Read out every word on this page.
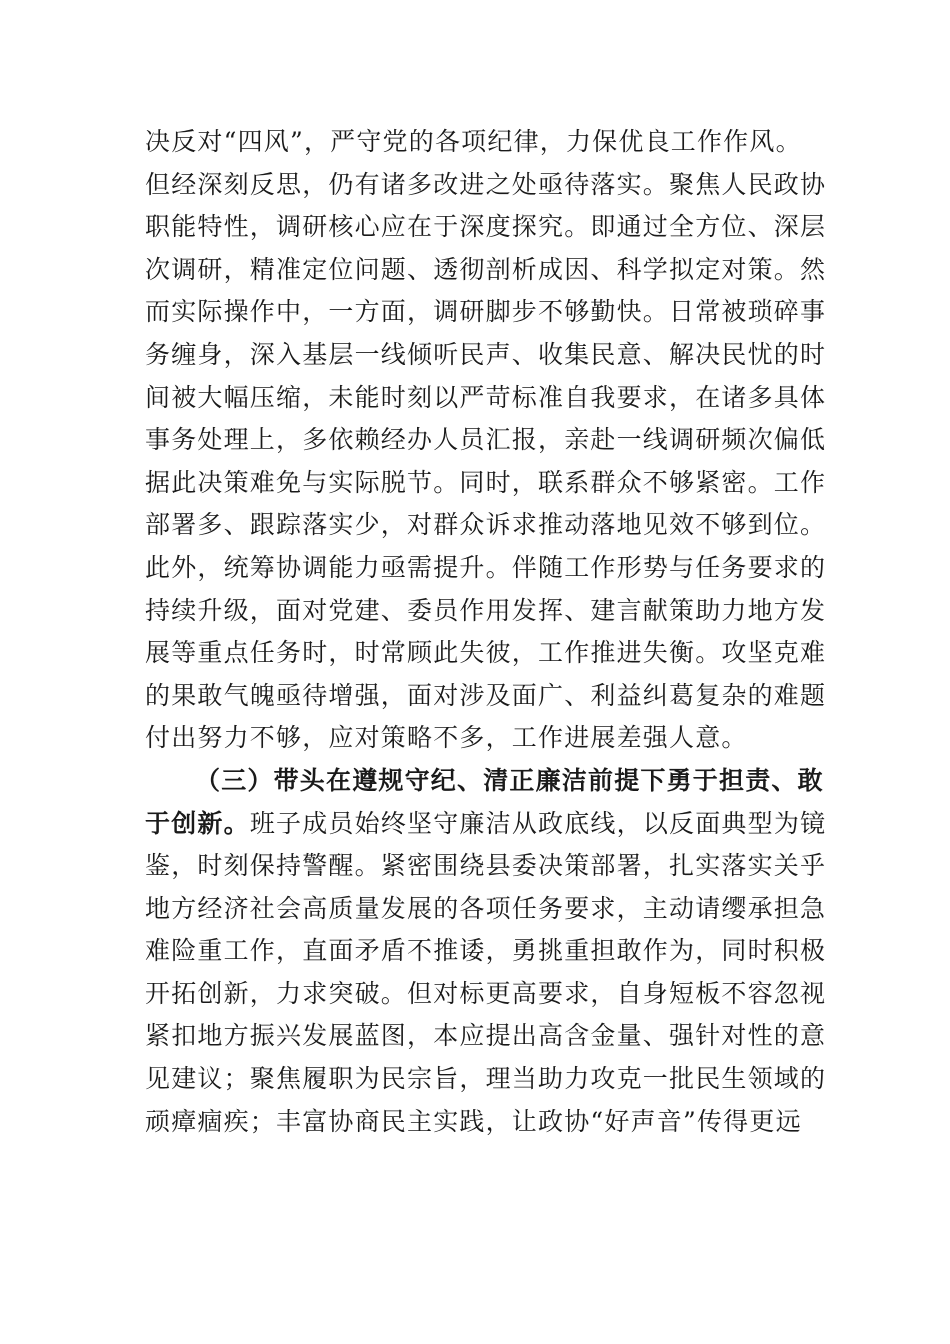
决反对“四风”，严守党的各项纪律，力保优良工作作风。
但经深刻反思，仍有诸多改进之处亟待落实。聚焦人民政协
职能特性，调研核心应在于深度探究。即通过全方位、深层
次调研，精准定位问题、透彻剖析成因、科学拟定对策。然
而实际操作中，一方面，调研脚步不够勤快。日常被琐碎事
务缠身，深入基层一线倾听民声、收集民意、解决民忧的时
间被大幅压缩，未能时刻以严苛标准自我要求，在诸多具体
事务处理上，多依赖经办人员汇报，亲赴一线调研频次偏低
据此决策难免与实际脱节。同时，联系群众不够紧密。工作
部署多、跟踪落实少，对群众诉求推动落地见效不够到位。
此外，统筹协调能力亟需提升。伴随工作形势与任务要求的
持续升级，面对党建、委员作用发挥、建言献策助力地方发
展等重点任务时，时常顾此失彼，工作推进失衡。攻坚克难
的果敢气魄亟待增强，面对涉及面广、利益纠葛复杂的难题
付出努力不够，应对策略不多，工作进展差强人意。
（三）带头在遵规守纪、清正廉洁前提下勇于担责、敢
于创新。班子成员始终坚守廉洁从政底线，以反面典型为镜
鉴，时刻保持警醒。紧密围绕县委决策部署，扎实落实关乎
地方经济社会高质量发展的各项任务要求，主动请缨承担急
难险重工作，直面矛盾不推诿，勇挑重担敢作为，同时积极
开拓创新，力求突破。但对标更高要求，自身短板不容忽视
紧扣地方振兴发展蓝图，本应提出高含金量、强针对性的意
见建议；聚焦履职为民宗旨，理当助力攻克一批民生领域的
顽瘴痼疾；丰富协商民主实践，让政协“好声音”传得更远
